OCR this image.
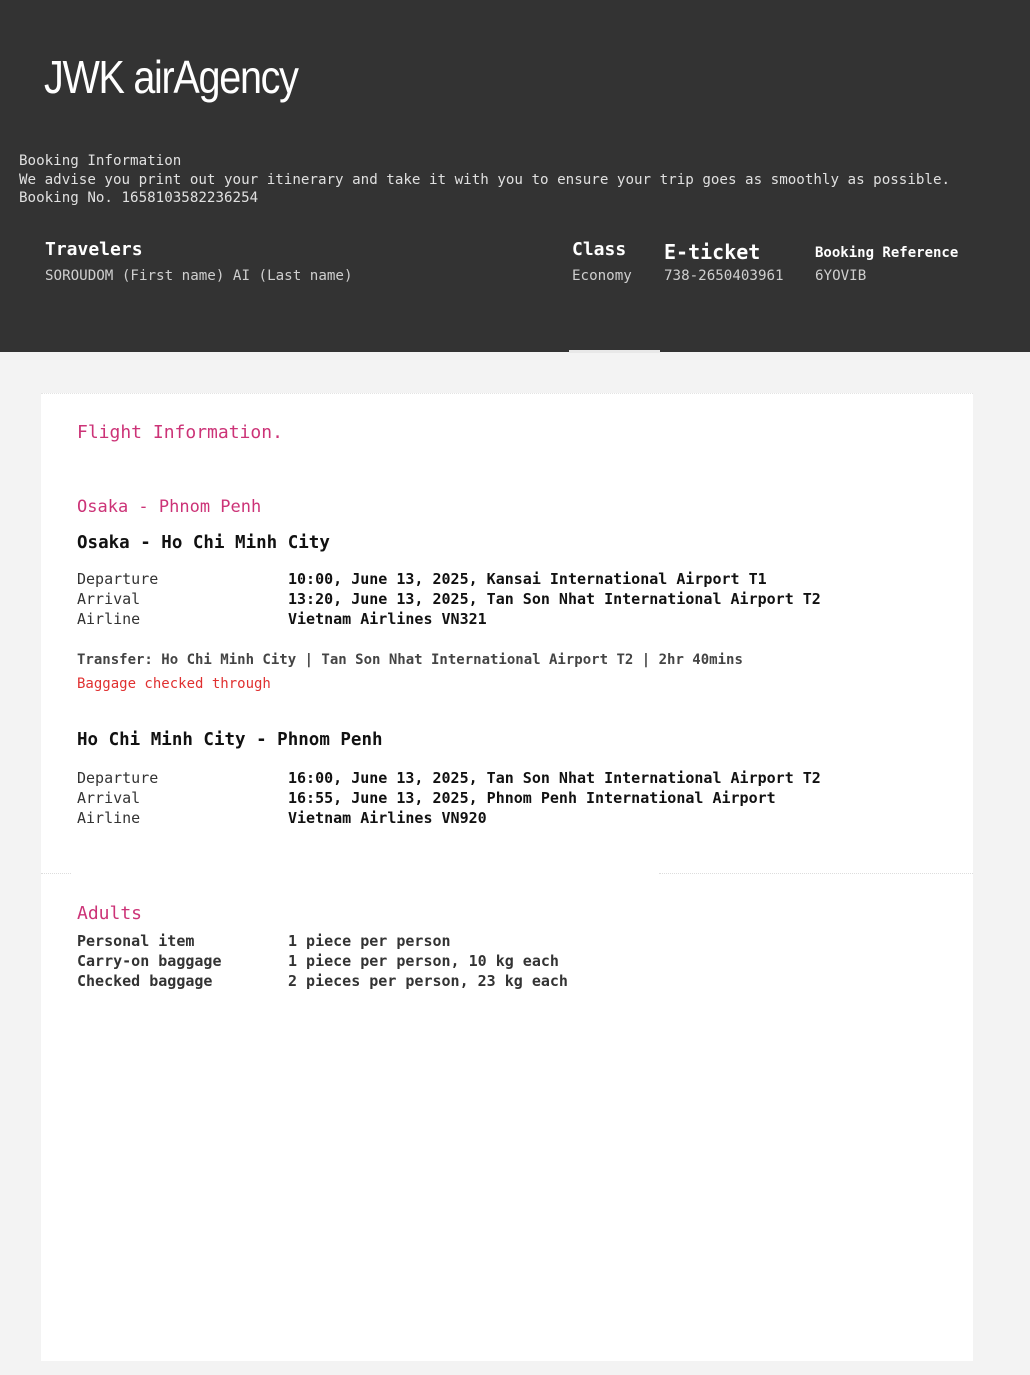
JWK airAgency
Booking Information
We advise you print out your itinerary and take it with you to ensure your trip goes as smoothly as possible.
Booking No. 1658103582236254
Travelers
SOROUDOM (First name) AI (Last name)
Class
Economy
E-ticket
738-2650403961
Booking Reference
6YOVIB
Flight Information.
Osaka - Phnom Penh
Osaka - Ho Chi Minh City
Departure	10:00, June 13, 2025, Kansai International Airport T1
Arrival	13:20, June 13, 2025, Tan Son Nhat International Airport T2
Airline	Vietnam Airlines VN321
Transfer: Ho Chi Minh City | Tan Son Nhat International Airport T2 | 2hr 40mins
Baggage checked through
Ho Chi Minh City - Phnom Penh
Departure	16:00, June 13, 2025, Tan Son Nhat International Airport T2
Arrival	16:55, June 13, 2025, Phnom Penh International Airport
Airline	Vietnam Airlines VN920
Adults
Personal item	1 piece per person
Carry-on baggage	1 piece per person, 10 kg each
Checked baggage	2 pieces per person, 23 kg each
